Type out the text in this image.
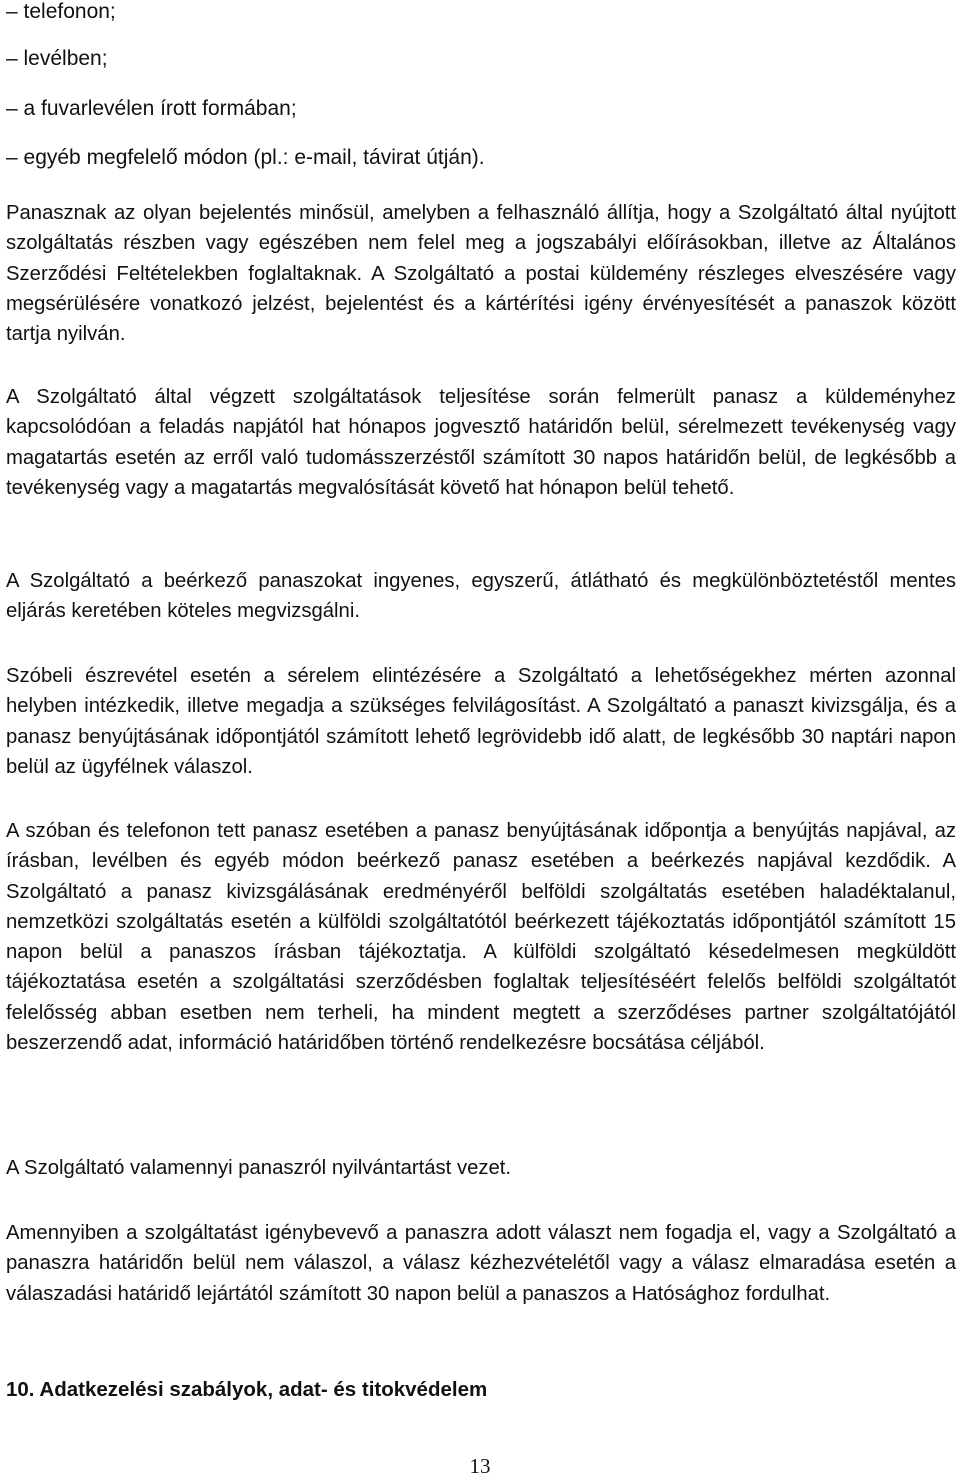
– telefonon;

– levélben;

– a fuvarlevélen írott formában;

– egyéb megfelelő módon (pl.: e-mail, távirat útján).

Panasznak az olyan bejelentés minősül, amelyben a felhasználó állítja, hogy a Szolgáltató által nyújtott szolgáltatás részben vagy egészében nem felel meg a jogszabályi előírásokban, illetve az Általános Szerződési Feltételekben foglaltaknak. A Szolgáltató a postai küldemény részleges elveszésére vagy megsérülésére vonatkozó jelzést, bejelentést és a kártérítési igény érvényesítését a panaszok között tartja nyilván.

A Szolgáltató által végzett szolgáltatások teljesítése során felmerült panasz a küldeményhez kapcsolódóan a feladás napjától hat hónapos jogvesztő határidőn belül, sérelmezett tevékenység vagy magatartás esetén az erről való tudomásszerzéstől számított 30 napos határidőn belül, de legkésőbb a tevékenység vagy a magatartás megvalósítását követő hat hónapon belül tehető.

A Szolgáltató a beérkező panaszokat ingyenes, egyszerű, átlátható és megkülönböztetéstől mentes eljárás keretében köteles megvizsgálni.

Szóbeli észrevétel esetén a sérelem elintézésére a Szolgáltató a lehetőségekhez mérten azonnal helyben intézkedik, illetve megadja a szükséges felvilágosítást. A Szolgáltató a panaszt kivizsgálja, és a panasz benyújtásának időpontjától számított lehető legrövidebb idő alatt, de legkésőbb 30 naptári napon belül az ügyfélnek válaszol.

A szóban és telefonon tett panasz esetében a panasz benyújtásának időpontja a benyújtás napjával, az írásban, levélben és egyéb módon beérkező panasz esetében a beérkezés napjával kezdődik. A Szolgáltató a panasz kivizsgálásának eredményéről belföldi szolgáltatás esetében haladéktalanul, nemzetközi szolgáltatás esetén a külföldi szolgáltatótól beérkezett tájékoztatás időpontjától számított 15 napon belül a panaszos írásban tájékoztatja. A külföldi szolgáltató késedelmesen megküldött tájékoztatása esetén a szolgáltatási szerződésben foglaltak teljesítéséért felelős belföldi szolgáltatót felelősség abban esetben nem terheli, ha mindent megtett a szerződéses partner szolgáltatójától beszerzendő adat, információ határidőben történő rendelkezésre bocsátása céljából.

A Szolgáltató valamennyi panaszról nyilvántartást vezet.

Amennyiben a szolgáltatást igénybevevő a panaszra adott választ nem fogadja el, vagy a Szolgáltató a panaszra határidőn belül nem válaszol, a válasz kézhezvételétől vagy a válasz elmaradása esetén a válaszadási határidő lejártától számított 30 napon belül a panaszos a Hatósághoz fordulhat.

10. Adatkezelési szabályok, adat- és titokvédelem

13
